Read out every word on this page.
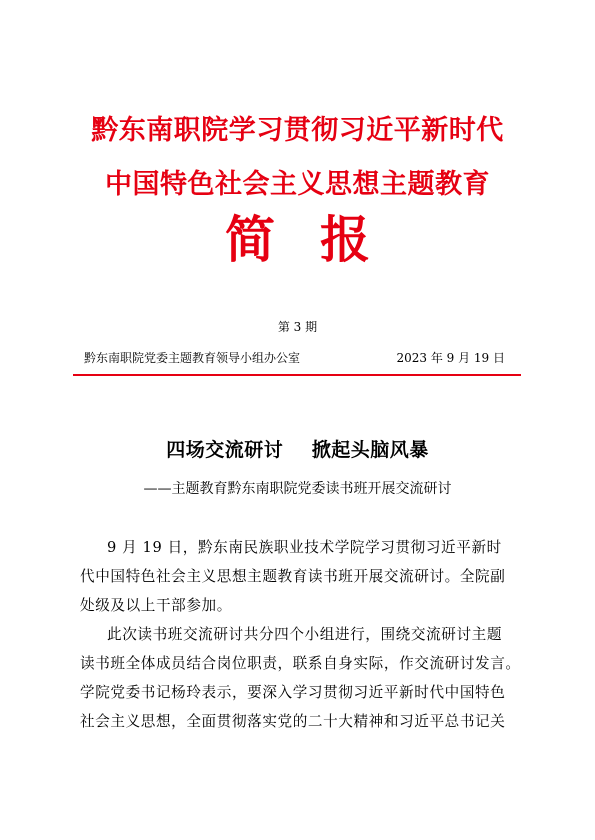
黔东南职院学习贯彻习近平新时代
中国特色社会主义思想主题教育
简 报
第 3 期
黔东南职院党委主题教育领导小组办公室	2023 年 9 月 19 日
四场交流研讨    掀起头脑风暴
——主题教育黔东南职院党委读书班开展交流研讨
9 月 19 日，黔东南民族职业技术学院学习贯彻习近平新时
代中国特色社会主义思想主题教育读书班开展交流研讨。全院副
处级及以上干部参加。
此次读书班交流研讨共分四个小组进行，围绕交流研讨主题
读书班全体成员结合岗位职责，联系自身实际，作交流研讨发言。
学院党委书记杨玲表示，要深入学习贯彻习近平新时代中国特色
社会主义思想，全面贯彻落实党的二十大精神和习近平总书记关
